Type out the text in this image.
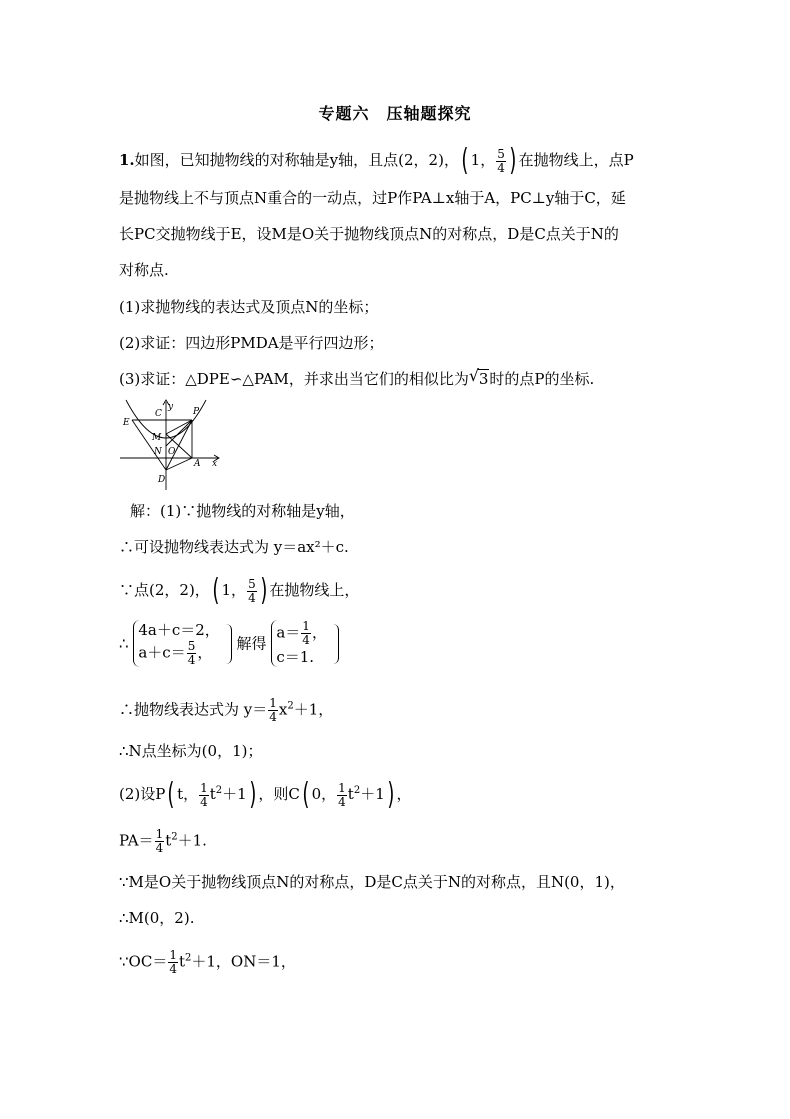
专题六　压轴题探究
1.如图，已知抛物线的对称轴是y轴，且点(2，2)，( 1， $\frac{5}{4}$ ) 在抛物线上，点P
是抛物线上不与顶点N重合的一动点，过P作PA⊥x轴于A，PC⊥y轴于C，延
长PC交抛物线于E，设M是O关于抛物线顶点N的对称点，D是C点关于N的
对称点.
(1)求抛物线的表达式及顶点N的坐标；
(2)求证：四边形PMDA是平行四边形；
(3)求证：△DPE∽△PAM，并求出当它们的相似比为 √ 3时的点P的坐标.
C
y P
E
M
N O
A x
D
解：(1)∵抛物线的对称轴是y轴，
∴可设抛物线表达式为 y＝ax²＋c.
∵点(2，2)，( 1， $\frac{5}{4}$ ) 在抛物线上，
∴
4a＋c＝2，
$a+c= \frac{5}{4}$ ，	解得
$a= \frac{1}{4}$ ，
c＝1.
∴抛物线表达式为 $y= \frac{1}{4} x^2+1$，
∴N点坐标为(0，1)；
(2)设P( t， $\frac{1}{4} t^2+1$) ，则C( 0， $\frac{1}{4} t^2+1$) ，
$PA= \frac{1}{4} t^2+1$.
∵M是O关于抛物线顶点N的对称点，D是C点关于N的对称点，且N(0，1)，
∴M(0，2).
∵OC＝ $\frac{1}{4} t^2+1$，ON＝1，
